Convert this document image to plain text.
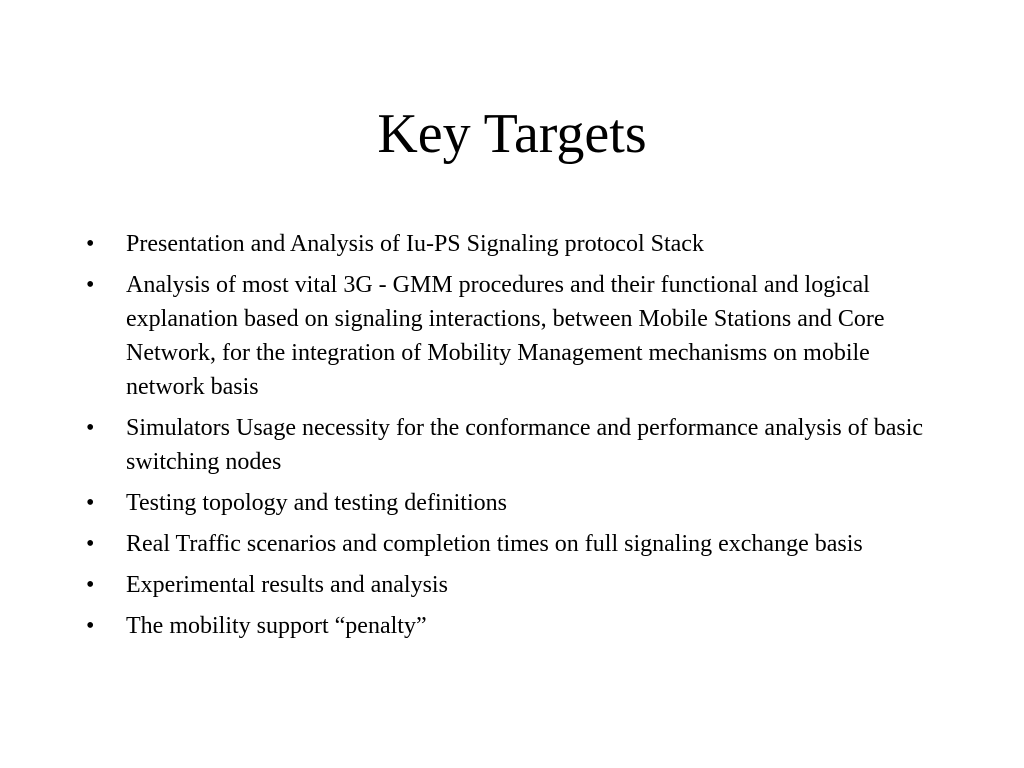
Key Targets
•	Presentation and Analysis of Iu-PS Signaling protocol Stack
•	Analysis of most vital 3G - GMM procedures and their functional and logical explanation based on signaling interactions, between Mobile Stations and Core Network, for the integration of Mobility Management mechanisms on mobile network basis
•	Simulators Usage necessity for the conformance and performance analysis of basic switching nodes
•	Testing topology and testing definitions
•	Real Traffic scenarios and completion times on full signaling exchange basis
•	Experimental results and analysis
•	The mobility support “penalty”
